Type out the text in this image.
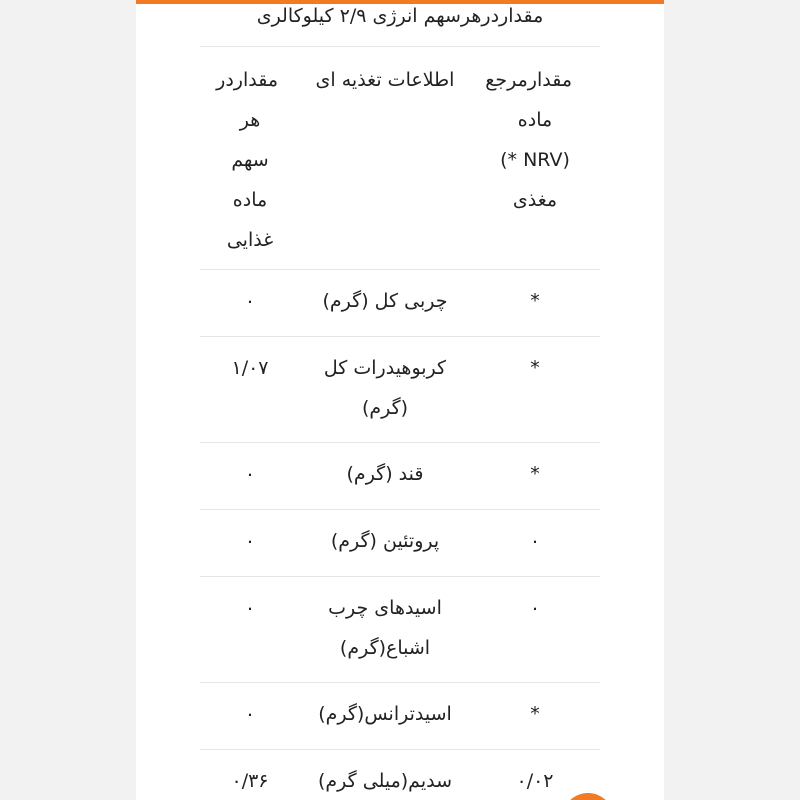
مقداردرهرسهم انرژی ۲/۹ کیلوکالری
مقدارمرجع ماده (NRV *) مغذی
اطلاعات تغذیه ای
مقداردر هر سهم ماده غذایی
*
چربی کل (گرم)
۰
*
کربوهیدرات کل (گرم)
۱/۰۷
*
قند (گرم)
۰
۰
پروتئین (گرم)
۰
۰
اسیدهای چرب اشباع(گرم)
۰
*
اسیدترانس(گرم)
۰
۰/۰۲
سدیم(میلی گرم)
۰/۳۶
